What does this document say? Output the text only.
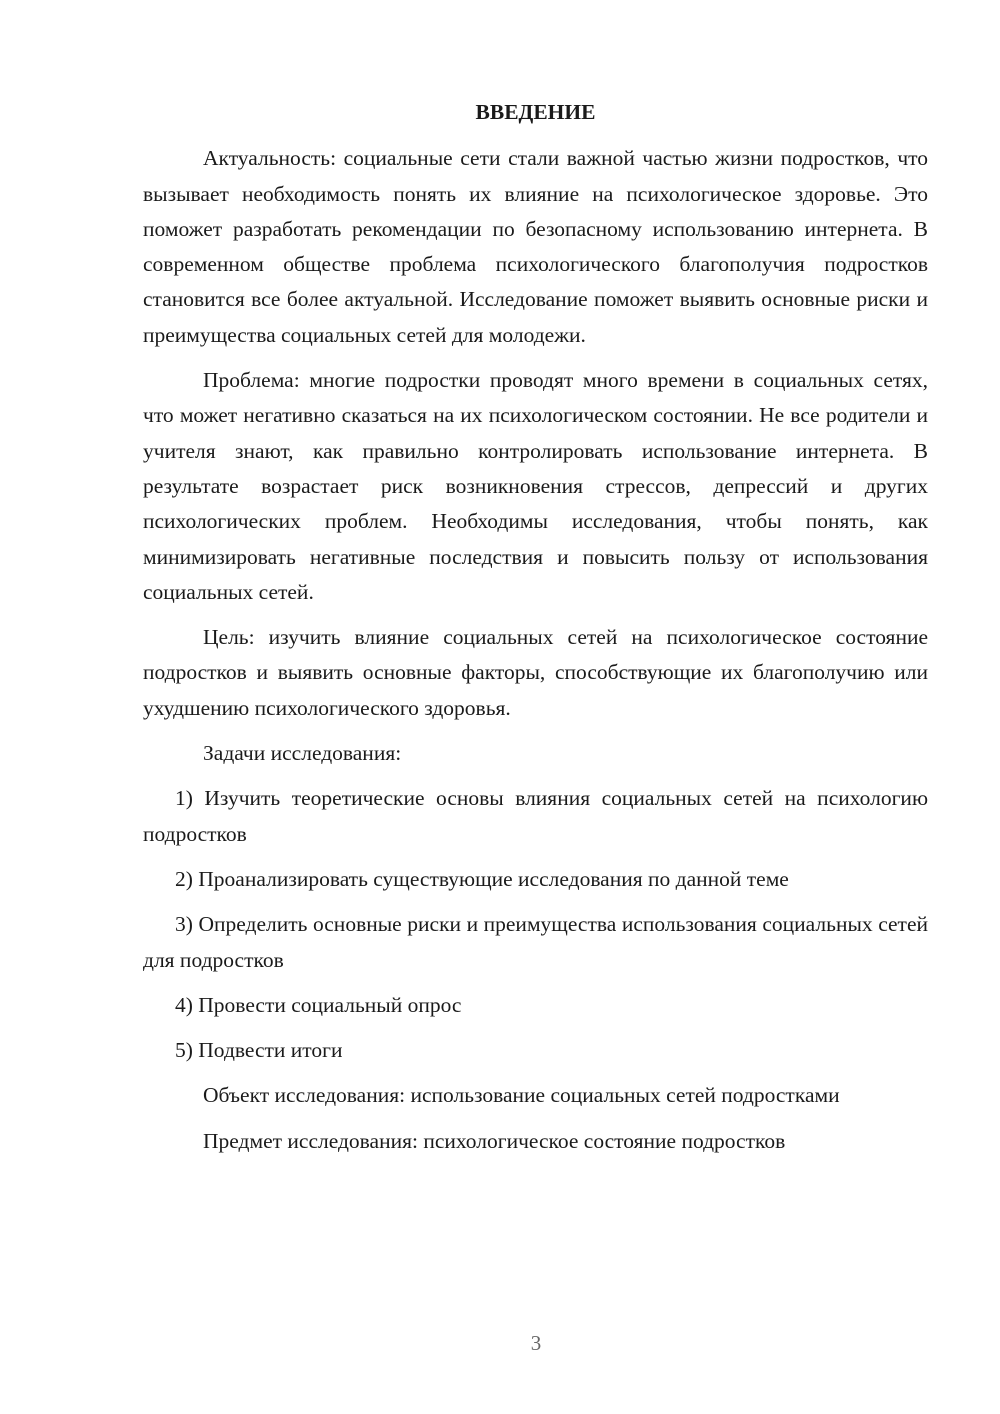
ВВЕДЕНИЕ

Актуальность: социальные сети стали важной частью жизни подростков, что вызывает необходимость понять их влияние на психологическое здоровье. Это поможет разработать рекомендации по безопасному использованию интернета. В современном обществе проблема психологического благополучия подростков становится все более актуальной. Исследование поможет выявить основные риски и преимущества социальных сетей для молодежи.

Проблема: многие подростки проводят много времени в социальных сетях, что может негативно сказаться на их психологическом состоянии. Не все родители и учителя знают, как правильно контролировать использование интернета. В результате возрастает риск возникновения стрессов, депрессий и других психологических проблем. Необходимы исследования, чтобы понять, как минимизировать негативные последствия и повысить пользу от использования социальных сетей.

Цель: изучить влияние социальных сетей на психологическое состояние подростков и выявить основные факторы, способствующие их благополучию или ухудшению психологического здоровья.

Задачи исследования:

1) Изучить теоретические основы влияния социальных сетей на психологию подростков

2) Проанализировать существующие исследования по данной теме

3) Определить основные риски и преимущества использования социальных сетей для подростков

4) Провести социальный опрос

5) Подвести итоги

Объект исследования: использование социальных сетей подростками

Предмет исследования: психологическое состояние подростков

3
